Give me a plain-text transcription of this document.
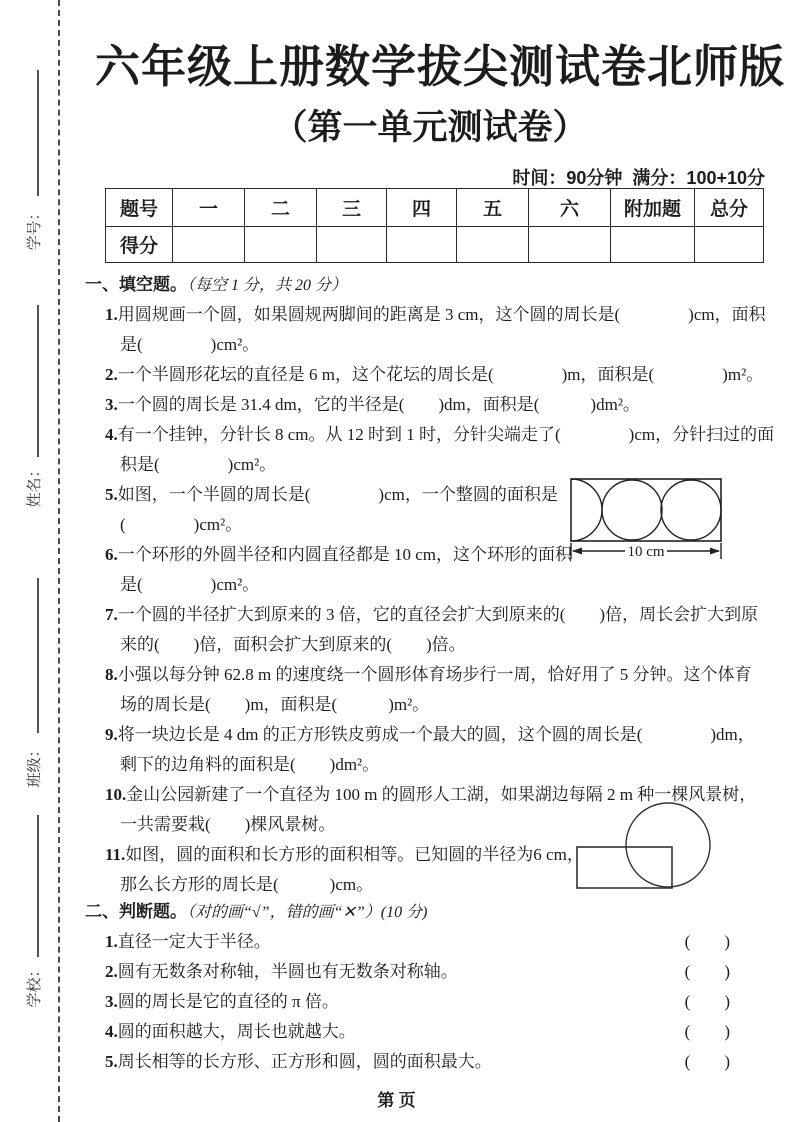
学号：
姓名：
班级：
学校：
六年级上册数学拔尖测试卷北师版
（第一单元测试卷）
时间：90分钟  满分：100+10分
题号	一	二	三	四	五	六	附加题	总分
得分								
一、填空题。（每空 1 分，共 20 分）
1.用圆规画一个圆，如果圆规两脚间的距离是 3 cm，这个圆的周长是(　　　　)cm，面积
是(　　　　)cm²。
2.一个半圆形花坛的直径是 6 m，这个花坛的周长是(　　　　)m，面积是(　　　　)m²。
3.一个圆的周长是 31.4 dm，它的半径是(　　)dm，面积是(　　　)dm²。
4.有一个挂钟，分针长 8 cm。从 12 时到 1 时，分针尖端走了(　　　　)cm，分针扫过的面
积是(　　　　)cm²。
5.如图，一个半圆的周长是(　　　　)cm，一个整圆的面积是
(　　　　)cm²。
6.一个环形的外圆半径和内圆直径都是 10 cm，这个环形的面积
是(　　　　)cm²。
7.一个圆的半径扩大到原来的 3 倍，它的直径会扩大到原来的(　　)倍，周长会扩大到原
来的(　　)倍，面积会扩大到原来的(　　)倍。
8.小强以每分钟 62.8 m 的速度绕一个圆形体育场步行一周，恰好用了 5 分钟。这个体育
场的周长是(　　)m，面积是(　　　)m²。
9.将一块边长是 4 dm 的正方形铁皮剪成一个最大的圆，这个圆的周长是(　　　　)dm，
剩下的边角料的面积是(　　)dm²。
10.金山公园新建了一个直径为 100 m 的圆形人工湖，如果湖边每隔 2 m 种一棵风景树，
一共需要栽(　　)棵风景树。
11.如图，圆的面积和长方形的面积相等。已知圆的半径为6 cm，
那么长方形的周长是(　　　)cm。
10 cm
二、判断题。（对的画“√”，错的画“✕”）(10 分)
1.直径一定大于半径。	(　　)
2.圆有无数条对称轴，半圆也有无数条对称轴。	(　　)
3.圆的周长是它的直径的 π 倍。	(　　)
4.圆的面积越大，周长也就越大。	(　　)
5.周长相等的长方形、正方形和圆，圆的面积最大。	(　　)
第 页
